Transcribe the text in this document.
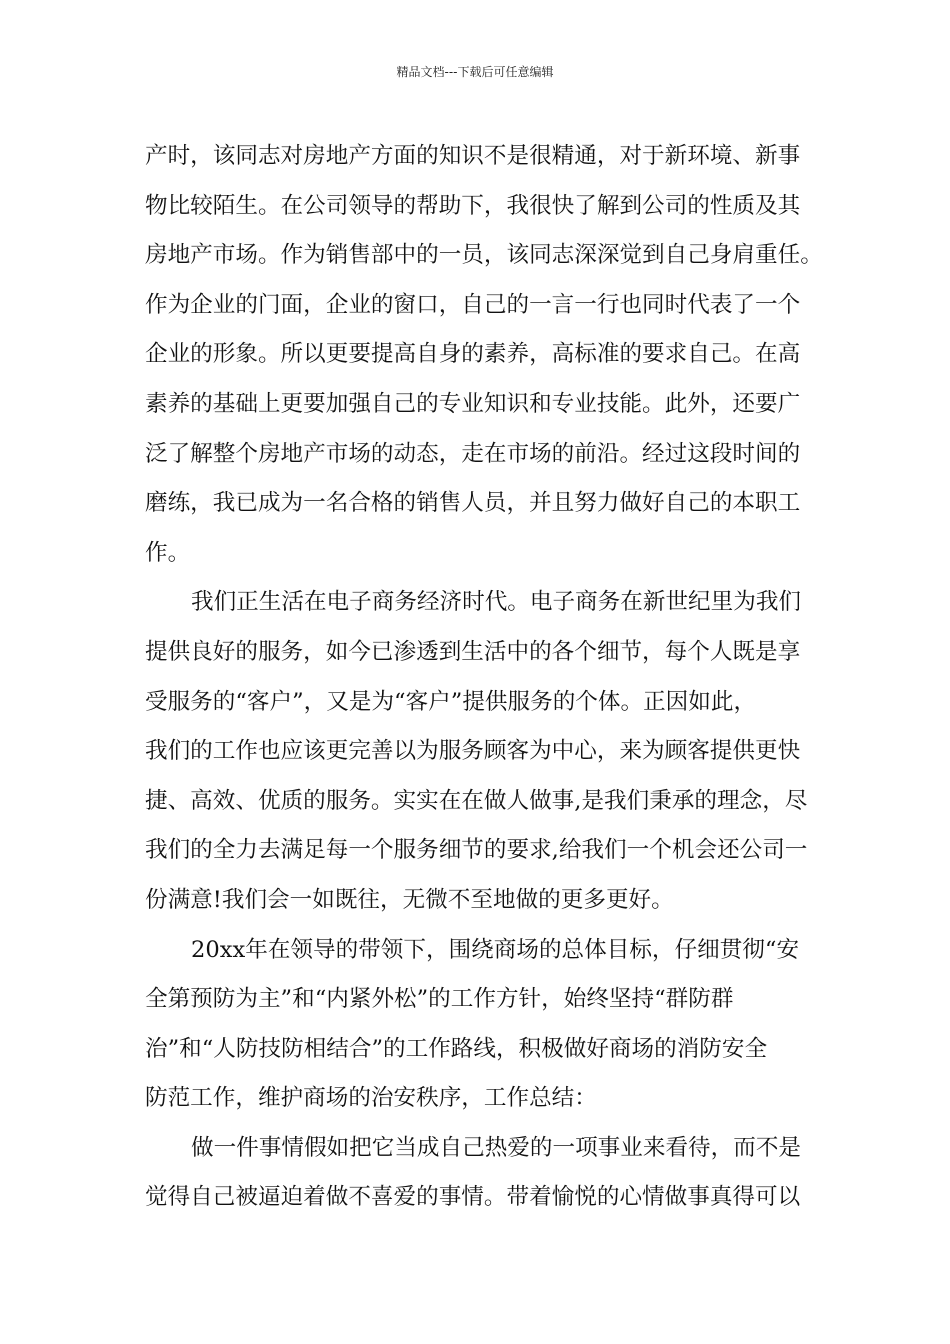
精品文档---下载后可任意编辑

产时，该同志对房地产方面的知识不是很精通，对于新环境、新事
物比较陌生。在公司领导的帮助下，我很快了解到公司的性质及其
房地产市场。作为销售部中的一员，该同志深深觉到自己身肩重任。
作为企业的门面，企业的窗口，自己的一言一行也同时代表了一个
企业的形象。所以更要提高自身的素养，高标准的要求自己。在高
素养的基础上更要加强自己的专业知识和专业技能。此外，还要广
泛了解整个房地产市场的动态，走在市场的前沿。经过这段时间的
磨练，我已成为一名合格的销售人员，并且努力做好自己的本职工
作。
我们正生活在电子商务经济时代。电子商务在新世纪里为我们
提供良好的服务，如今已渗透到生活中的各个细节，每个人既是享
受服务的“客户”，又是为“客户”提供服务的个体。正因如此，
我们的工作也应该更完善以为服务顾客为中心，来为顾客提供更快
捷、高效、优质的服务。实实在在做人做事,是我们秉承的理念，尽
我们的全力去满足每一个服务细节的要求,给我们一个机会还公司一
份满意!我们会一如既往，无微不至地做的更多更好。
20xx年在领导的带领下，围绕商场的总体目标，仔细贯彻“安
全第预防为主”和“内紧外松”的工作方针，始终坚持“群防群
治”和“人防技防相结合”的工作路线，积极做好商场的消防安全
防范工作，维护商场的治安秩序，工作总结：
做一件事情假如把它当成自己热爱的一项事业来看待，而不是
觉得自己被逼迫着做不喜爱的事情。带着愉悦的心情做事真得可以
